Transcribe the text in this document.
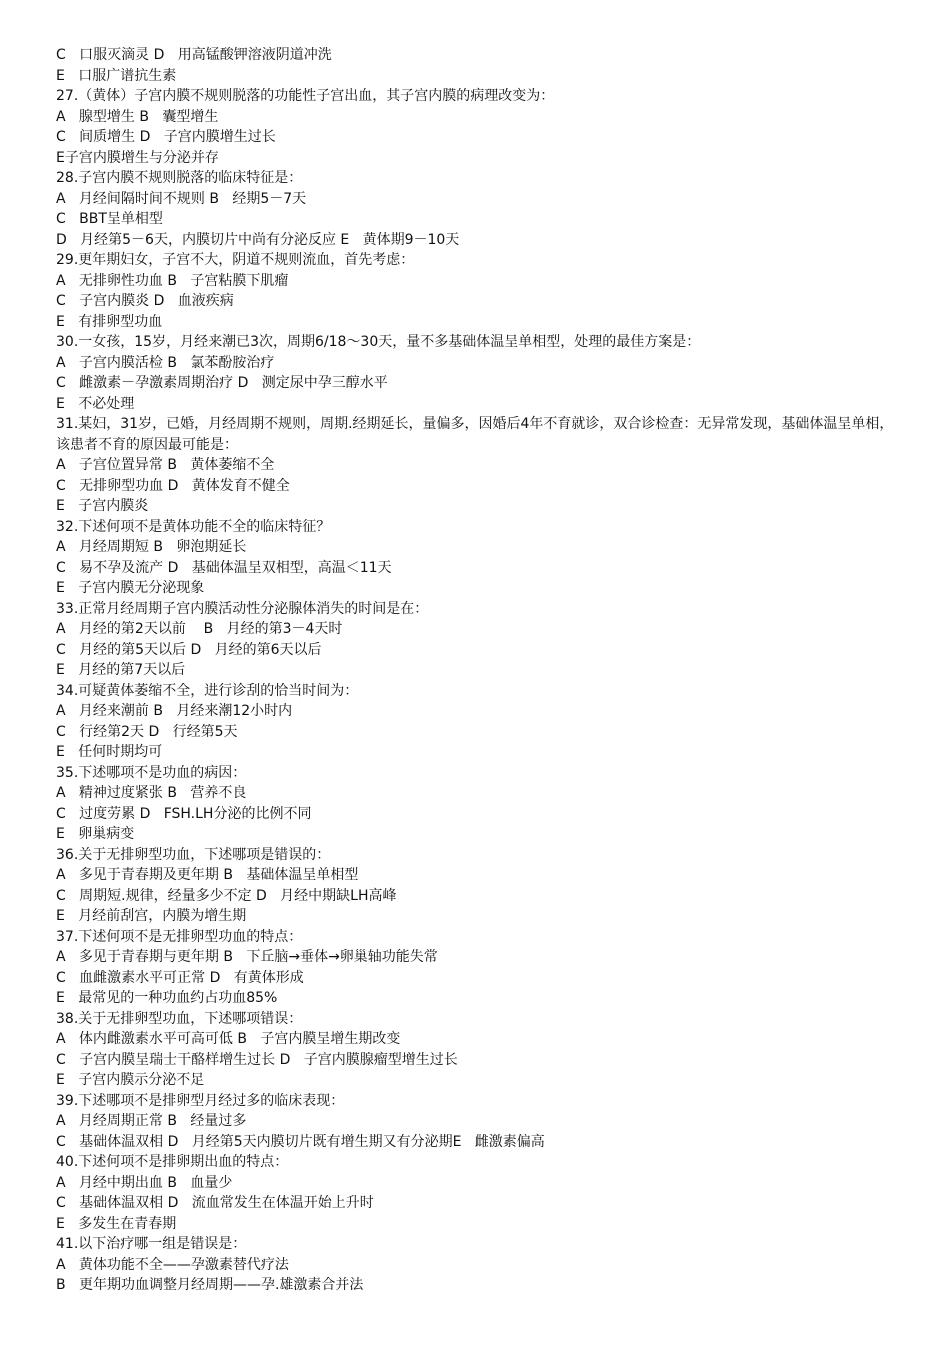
C   口服灭滴灵 D   用高锰酸钾溶液阴道冲洗
E   口服广谱抗生素
27.（黄体）子宫内膜不规则脱落的功能性子宫出血，其子宫内膜的病理改变为：
A   腺型增生 B   囊型增生
C   间质增生 D   子宫内膜增生过长
E子宫内膜增生与分泌并存
28.子宫内膜不规则脱落的临床特征是：
A   月经间隔时间不规则 B   经期5－7天
C   BBT呈单相型
D   月经第5－6天，内膜切片中尚有分泌反应 E   黄体期9－10天
29.更年期妇女，子宫不大，阴道不规则流血，首先考虑：
A   无排卵性功血 B   子宫粘膜下肌瘤
C   子宫内膜炎 D   血液疾病
E   有排卵型功血
30.一女孩，15岁，月经来潮已3次，周期6/18～30天，量不多基础体温呈单相型，处理的最佳方案是：
A   子宫内膜活检 B   氯苯酚胺治疗
C   雌激素－孕激素周期治疗 D   测定尿中孕三醇水平
E   不必处理
31.某妇，31岁，已婚，月经周期不规则，周期.经期延长，量偏多，因婚后4年不育就诊，双合诊检查：无异常发现，基础体温呈单相，该患者不育的原因最可能是：
A   子宫位置异常 B   黄体萎缩不全
C   无排卵型功血 D   黄体发育不健全
E   子宫内膜炎
32.下述何项不是黄体功能不全的临床特征？
A   月经周期短 B   卵泡期延长
C   易不孕及流产 D   基础体温呈双相型，高温＜11天
E   子宫内膜无分泌现象
33.正常月经周期子宫内膜活动性分泌腺体消失的时间是在：
A   月经的第2天以前    B   月经的第3－4天时
C   月经的第5天以后 D   月经的第6天以后
E   月经的第7天以后
34.可疑黄体萎缩不全，进行诊刮的恰当时间为：
A   月经来潮前 B   月经来潮12小时内
C   行经第2天 D   行经第5天
E   任何时期均可
35.下述哪项不是功血的病因：
A   精神过度紧张 B   营养不良
C   过度劳累 D   FSH.LH分泌的比例不同
E   卵巢病变
36.关于无排卵型功血，下述哪项是错误的：
A   多见于青春期及更年期 B   基础体温呈单相型
C   周期短.规律，经量多少不定 D   月经中期缺LH高峰
E   月经前刮宫，内膜为增生期
37.下述何项不是无排卵型功血的特点：
A   多见于青春期与更年期 B   下丘脑→垂体→卵巢轴功能失常
C   血雌激素水平可正常 D   有黄体形成
E   最常见的一种功血约占功血85%
38.关于无排卵型功血，下述哪项错误：
A   体内雌激素水平可高可低 B   子宫内膜呈增生期改变
C   子宫内膜呈瑞士干酪样增生过长 D   子宫内膜腺瘤型增生过长
E   子宫内膜示分泌不足
39.下述哪项不是排卵型月经过多的临床表现：
A   月经周期正常 B   经量过多
C   基础体温双相 D   月经第5天内膜切片既有增生期又有分泌期E   雌激素偏高
40.下述何项不是排卵期出血的特点：
A   月经中期出血 B   血量少
C   基础体温双相 D   流血常发生在体温开始上升时
E   多发生在青春期
41.以下治疗哪一组是错误是：
A   黄体功能不全——孕激素替代疗法
B   更年期功血调整月经周期——孕.雄激素合并法
